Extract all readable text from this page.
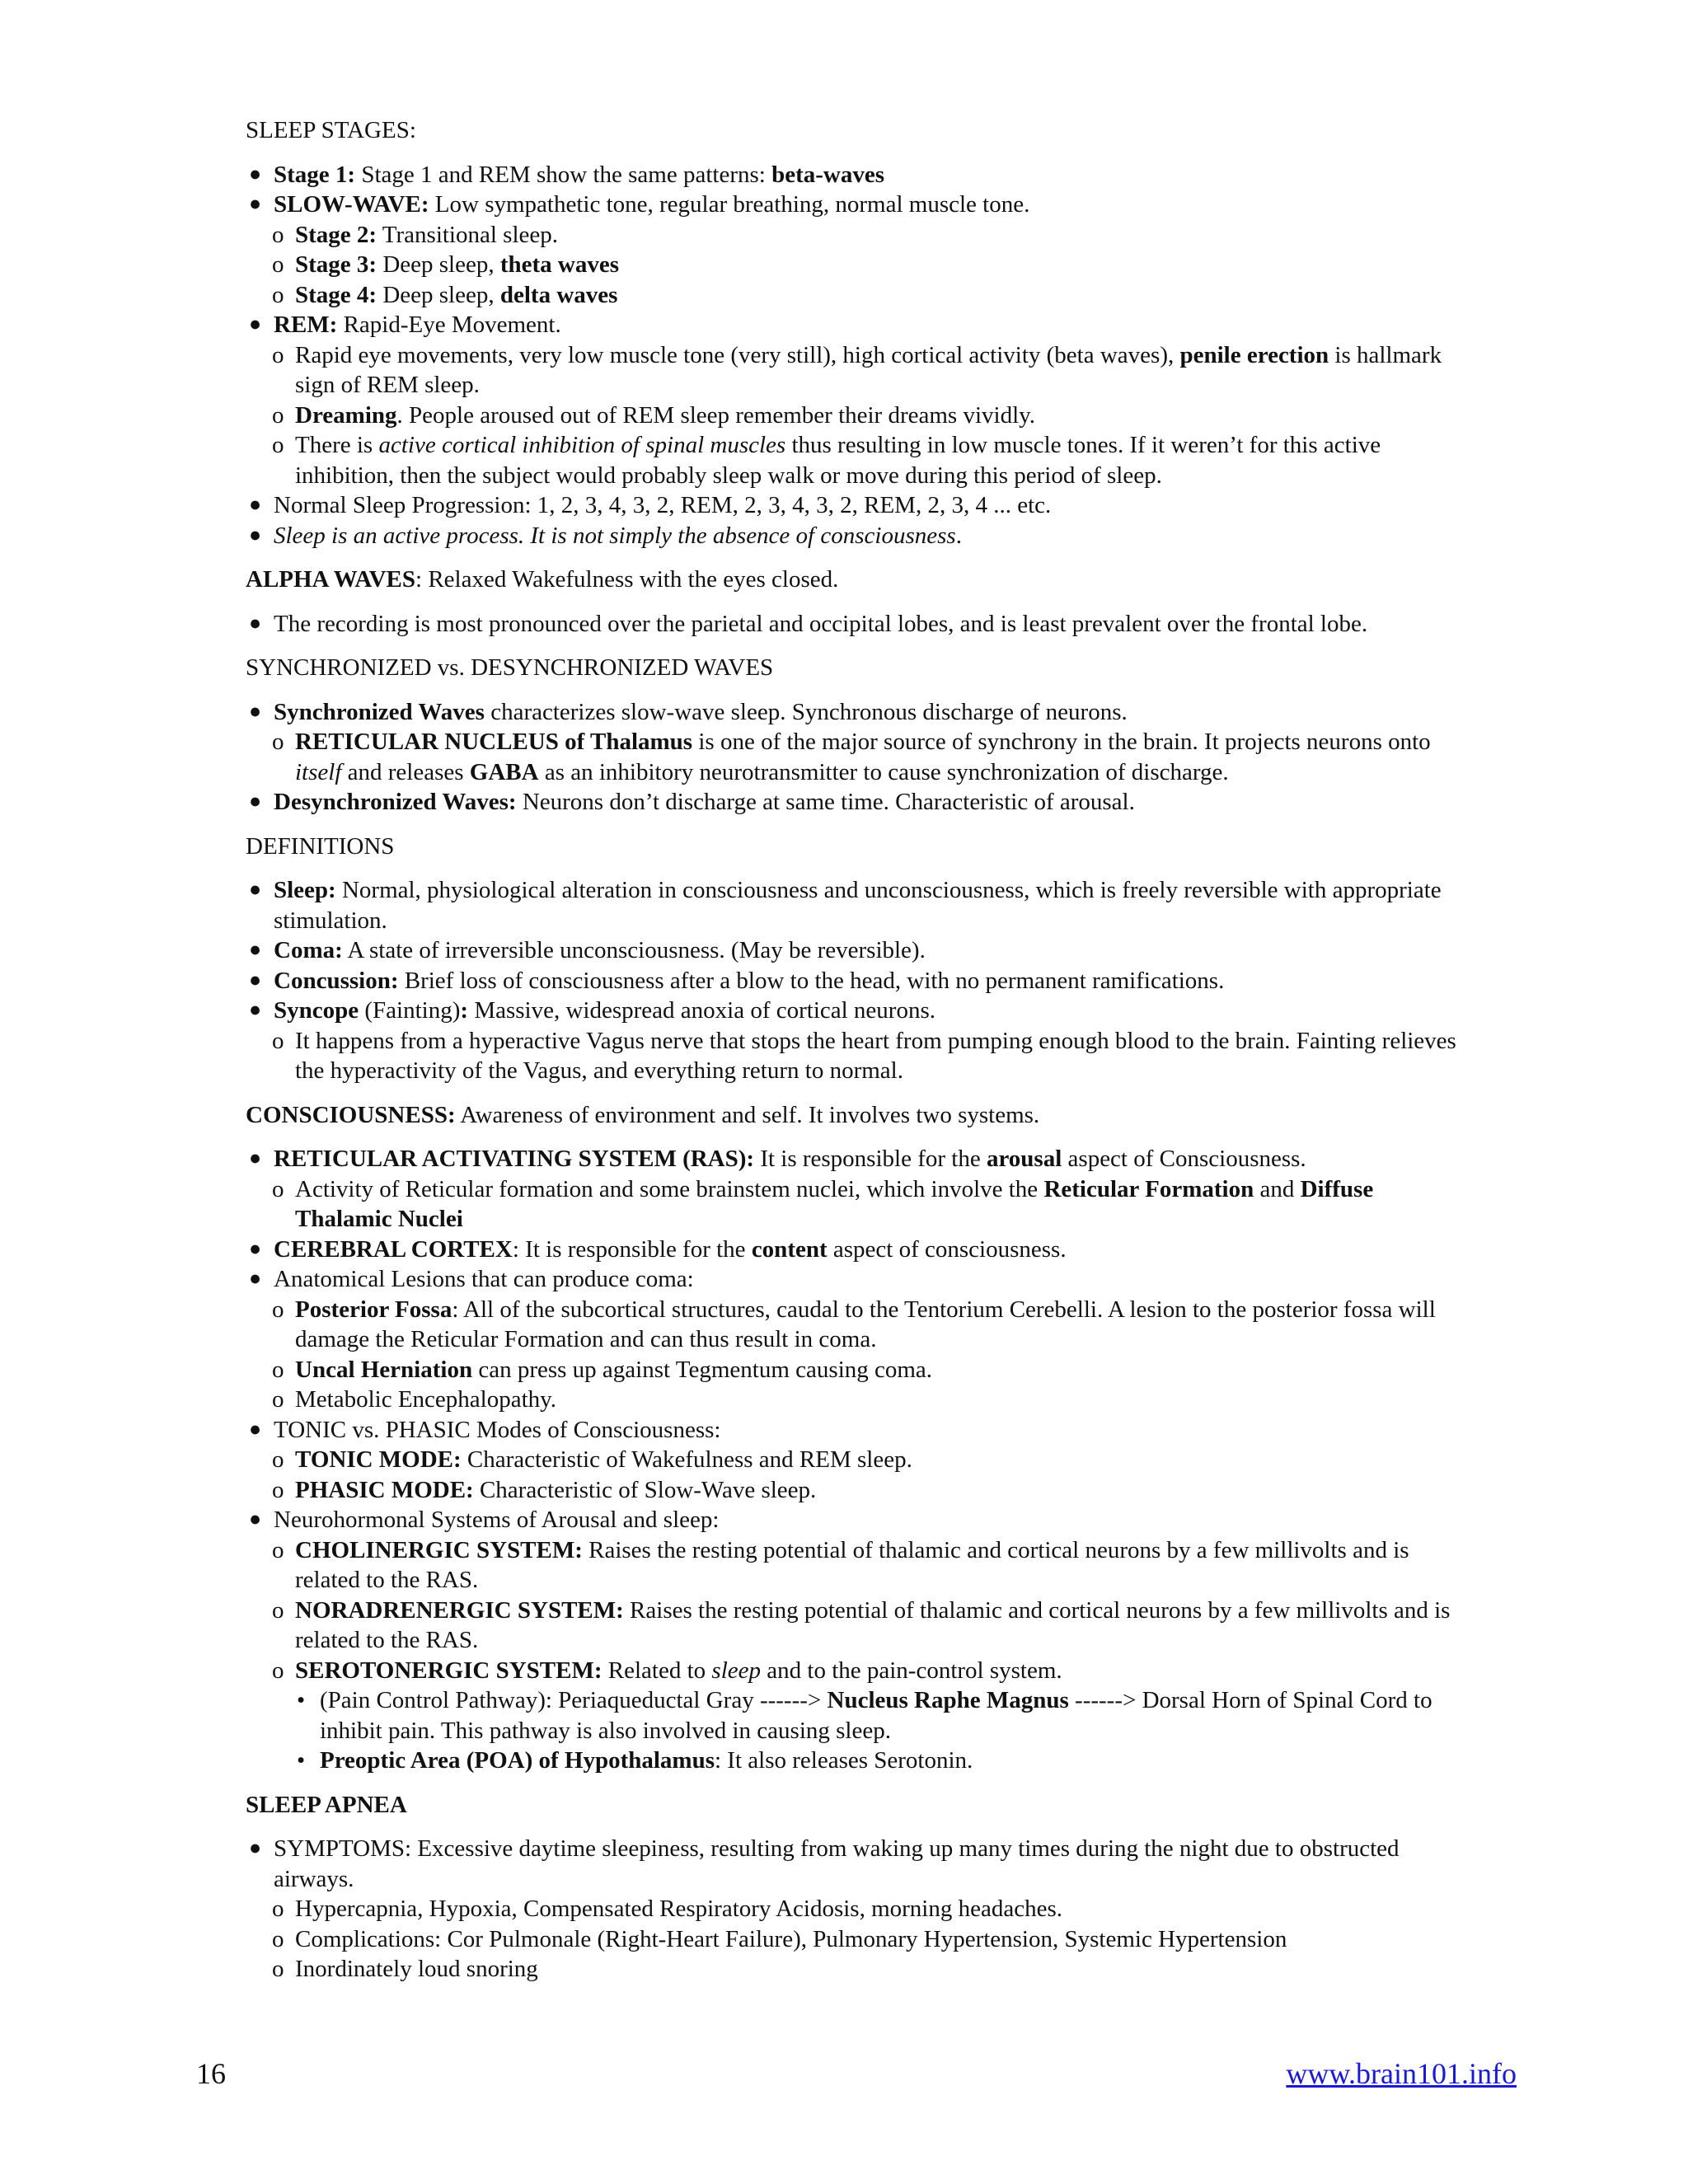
SLEEP STAGES:

● Stage 1: Stage 1 and REM show the same patterns: beta-waves
● SLOW-WAVE: Low sympathetic tone, regular breathing, normal muscle tone.
o Stage 2: Transitional sleep.
o Stage 3: Deep sleep, theta waves
o Stage 4: Deep sleep, delta waves
● REM: Rapid-Eye Movement.
o Rapid eye movements, very low muscle tone (very still), high cortical activity (beta waves), penile erection is hallmark sign of REM sleep.
o Dreaming. People aroused out of REM sleep remember their dreams vividly.
o There is active cortical inhibition of spinal muscles thus resulting in low muscle tones. If it weren’t for this active inhibition, then the subject would probably sleep walk or move during this period of sleep.
● Normal Sleep Progression: 1, 2, 3, 4, 3, 2, REM, 2, 3, 4, 3, 2, REM, 2, 3, 4 ... etc.
● Sleep is an active process. It is not simply the absence of consciousness.

ALPHA WAVES: Relaxed Wakefulness with the eyes closed.

● The recording is most pronounced over the parietal and occipital lobes, and is least prevalent over the frontal lobe.

SYNCHRONIZED vs. DESYNCHRONIZED WAVES

● Synchronized Waves characterizes slow-wave sleep. Synchronous discharge of neurons.
o RETICULAR NUCLEUS of Thalamus is one of the major source of synchrony in the brain. It projects neurons onto itself and releases GABA as an inhibitory neurotransmitter to cause synchronization of discharge.
● Desynchronized Waves: Neurons don’t discharge at same time. Characteristic of arousal.

DEFINITIONS

● Sleep: Normal, physiological alteration in consciousness and unconsciousness, which is freely reversible with appropriate stimulation.
● Coma: A state of irreversible unconsciousness. (May be reversible).
● Concussion: Brief loss of consciousness after a blow to the head, with no permanent ramifications.
● Syncope (Fainting): Massive, widespread anoxia of cortical neurons.
o It happens from a hyperactive Vagus nerve that stops the heart from pumping enough blood to the brain. Fainting relieves the hyperactivity of the Vagus, and everything return to normal.

CONSCIOUSNESS: Awareness of environment and self. It involves two systems.

● RETICULAR ACTIVATING SYSTEM (RAS): It is responsible for the arousal aspect of Consciousness.
o Activity of Reticular formation and some brainstem nuclei, which involve the Reticular Formation and Diffuse Thalamic Nuclei
● CEREBRAL CORTEX: It is responsible for the content aspect of consciousness.
● Anatomical Lesions that can produce coma:
o Posterior Fossa: All of the subcortical structures, caudal to the Tentorium Cerebelli. A lesion to the posterior fossa will damage the Reticular Formation and can thus result in coma.
o Uncal Herniation can press up against Tegmentum causing coma.
o Metabolic Encephalopathy.
● TONIC vs. PHASIC Modes of Consciousness:
o TONIC MODE: Characteristic of Wakefulness and REM sleep.
o PHASIC MODE: Characteristic of Slow-Wave sleep.
● Neurohormonal Systems of Arousal and sleep:
o CHOLINERGIC SYSTEM: Raises the resting potential of thalamic and cortical neurons by a few millivolts and is related to the RAS.
o NORADRENERGIC SYSTEM: Raises the resting potential of thalamic and cortical neurons by a few millivolts and is related to the RAS.
o SEROTONERGIC SYSTEM: Related to sleep and to the pain-control system.
• (Pain Control Pathway): Periaqueductal Gray ------> Nucleus Raphe Magnus ------> Dorsal Horn of Spinal Cord to inhibit pain. This pathway is also involved in causing sleep.
• Preoptic Area (POA) of Hypothalamus: It also releases Serotonin.

SLEEP APNEA

● SYMPTOMS: Excessive daytime sleepiness, resulting from waking up many times during the night due to obstructed airways.
o Hypercapnia, Hypoxia, Compensated Respiratory Acidosis, morning headaches.
o Complications: Cor Pulmonale (Right-Heart Failure), Pulmonary Hypertension, Systemic Hypertension
o Inordinately loud snoring
16	www.brain101.info
